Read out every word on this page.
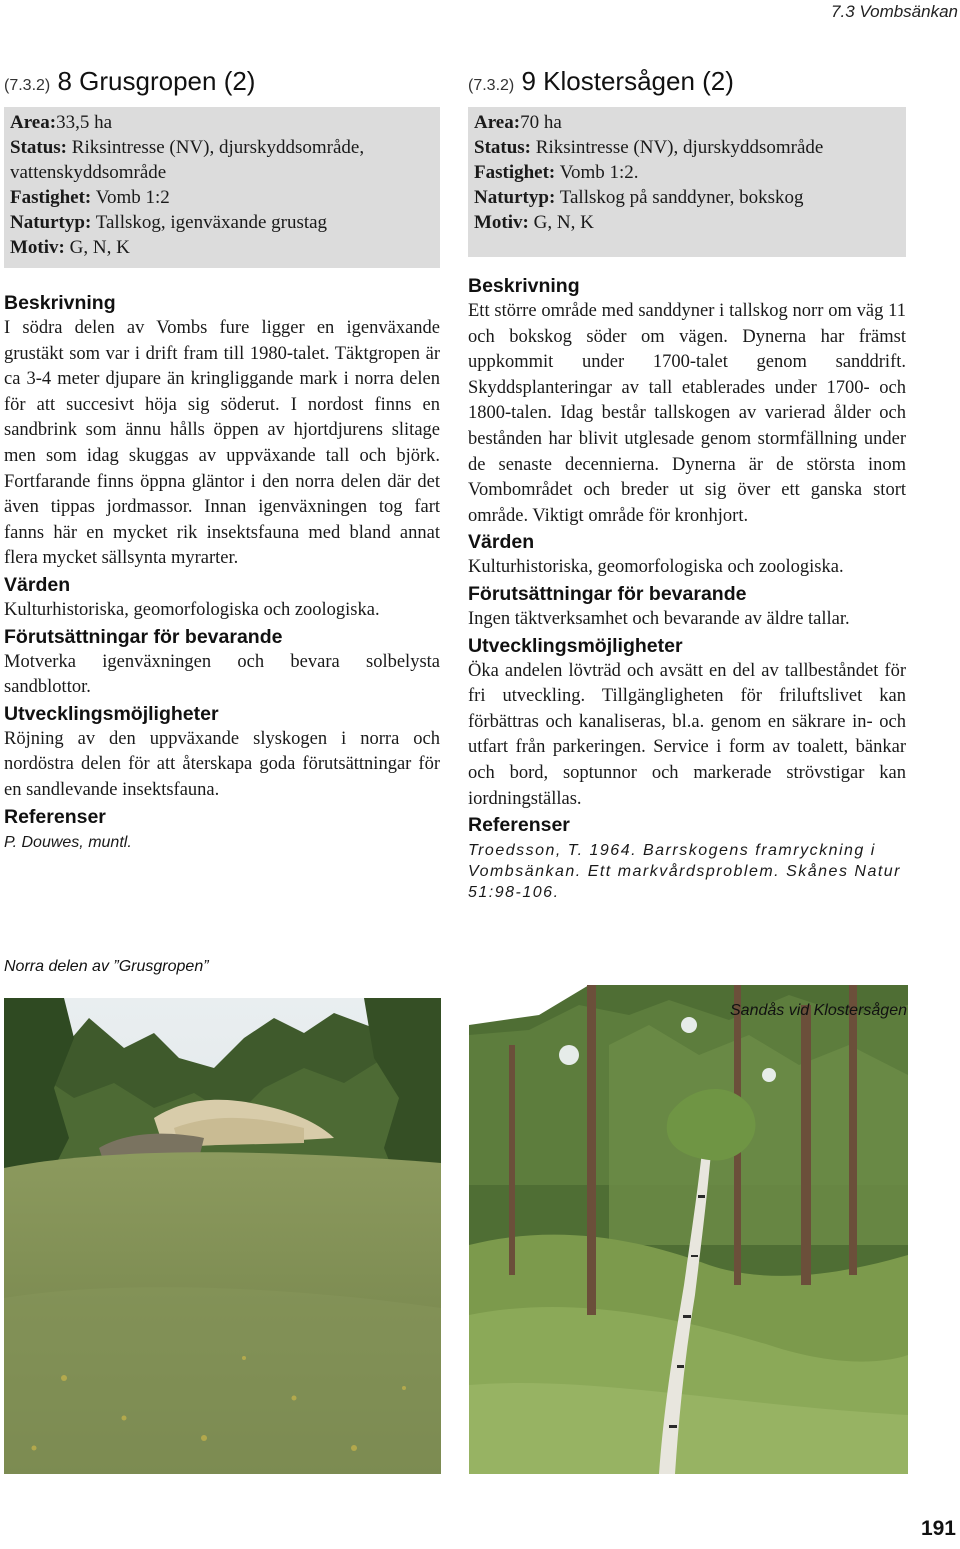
7.3 Vombsänkan
(7.3.2) 8 Grusgropen (2)
Area:33,5 ha
Status: Riksintresse (NV), djurskyddsområde, vattenskyddsområde
Fastighet: Vomb 1:2
Naturtyp: Tallskog, igenväxande grustag
Motiv: G, N, K
Beskrivning

I södra delen av Vombs fure ligger en igenväxande grustäkt som var i drift fram till 1980-talet. Täktgropen är ca 3-4 meter djupare än kringliggande mark i norra delen för att succesivt höja sig söderut. I nordost finns en sandbrink som ännu hålls öppen av hjortdjurens slitage men som idag skuggas av uppväxande tall och björk. Fortfarande finns öppna gläntor i den norra delen där det även tippas jordmassor. Innan igenväxningen tog fart fanns här en mycket rik insektsfauna med bland annat flera mycket sällsynta myrarter.

Värden

Kulturhistoriska, geomorfologiska och zoologiska.

Förutsättningar för bevarande

Motverka igenväxningen och bevara solbelysta sandblottor.

Utvecklingsmöjligheter

Röjning av den uppväxande slyskogen i norra och nordöstra delen för att återskapa goda förutsättningar för en sandlevande insektsfauna.

Referenser

P. Douwes, muntl.

(7.3.2) 9 Klostersågen (2)
Area:70 ha
Status: Riksintresse (NV), djurskyddsområde
Fastighet: Vomb 1:2.
Naturtyp: Tallskog på sanddyner, bokskog
Motiv: G, N, K
Beskrivning

Ett större område med sanddyner i tallskog norr om väg 11 och bokskog söder om vägen. Dynerna har främst uppkommit under 1700-talet genom sanddrift. Skyddsplanteringar av tall etablerades under 1700- och 1800-talen. Idag består tallskogen av varierad ålder och bestånden har blivit utglesade genom stormfällning under de senaste decennierna. Dynerna är de största inom Vombområdet och breder ut sig över ett ganska stort område. Viktigt område för kronhjort.

Värden

Kulturhistoriska, geomorfologiska och zoologiska.

Förutsättningar för bevarande

Ingen täktverksamhet och bevarande av äldre tallar.

Utvecklingsmöjligheter

Öka andelen lövträd och avsätt en del av tallbeståndet för fri utveckling. Tillgängligheten för friluftslivet kan förbättras och kanaliseras, bl.a. genom en säkrare in- och utfart från parkeringen. Service i form av toalett, bänkar och bord, soptunnor och markerade strövstigar kan iordningställas.

Referenser

Troedsson, T. 1964. Barrskogens framryckning i Vombsänkan. Ett markvårdsproblem. Skånes Natur 51:98-106.

Norra delen av ”Grusgropen”
Sandås vid Klostersågen
191
